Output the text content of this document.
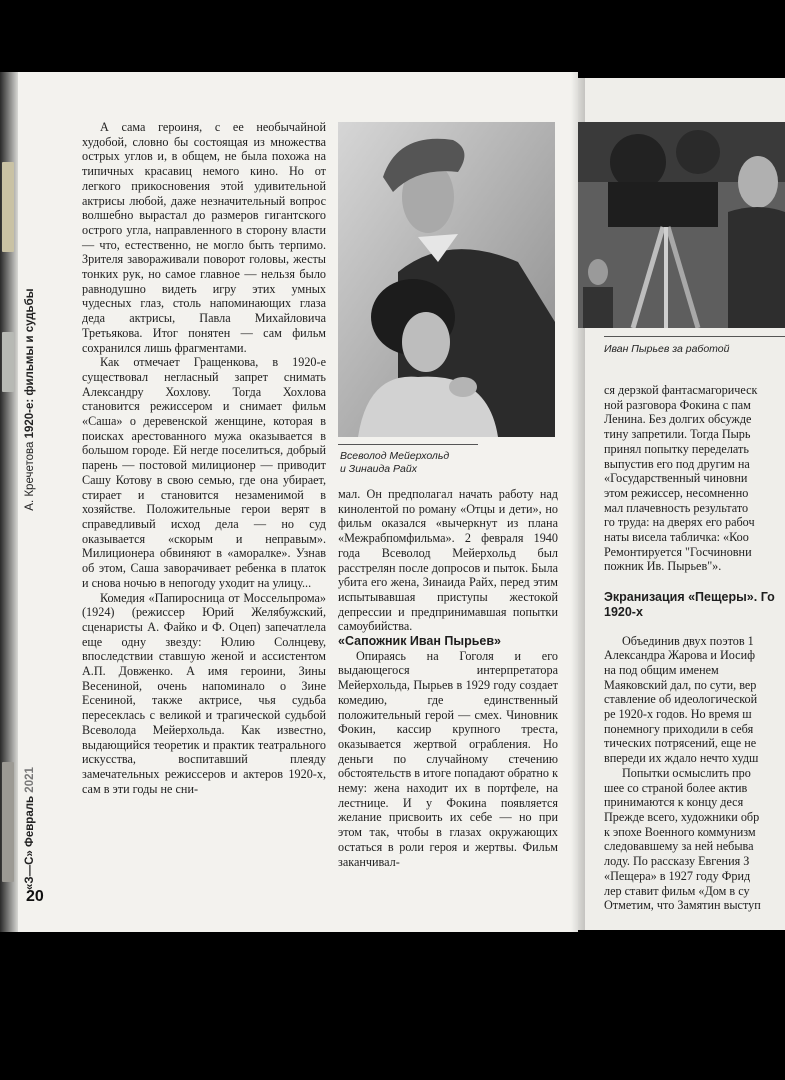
«З—С» Февраль 2021  А. Кречетова 1920-е: фильмы и судьбы
20

А сама героиня, с ее необычайной худобой, словно бы состоящая из множества острых углов и, в общем, не была похожа на типичных красавиц немого кино. Но от легкого прикосновения этой удивительной актрисы любой, даже незначительный вопрос волшебно вырастал до размеров гигантского острого угла, направленного в сторону власти — что, естественно, не могло быть терпимо. Зрителя завораживали поворот головы, жесты тонких рук, но самое главное — нельзя было равнодушно видеть игру этих умных чудесных глаз, столь напоминающих глаза деда актрисы, Павла Михайловича Третьякова. Итог понятен — сам фильм сохранился лишь фрагментами.

Как отмечает Гращенкова, в 1920-е существовал негласный запрет снимать Александру Хохлову. Тогда Хохлова становится режиссером и снимает фильм «Саша» о деревенской женщине, которая в поисках арестованного мужа оказывается в большом городе. Ей негде поселиться, добрый парень — постовой милиционер — приводит Сашу Котову в свою семью, где она убирает, стирает и становится незаменимой в хозяйстве. Положительные герои верят в справедливый исход дела — но суд оказывается «скорым и неправым». Милиционера обвиняют в «аморалке». Узнав об этом, Саша заворачивает ребенка в платок и снова ночью в непогоду уходит на улицу...

Комедия «Папиросница от Моссельпрома» (1924) (режиссер Юрий Желябужский, сценаристы А. Файко и Ф. Оцеп) запечатлела еще одну звезду: Юлию Солнцеву, впоследствии ставшую женой и ассистентом А.П. Довженко. А имя героини, Зины Весениной, очень напоминало о Зине Есениной, также актрисе, чья судьба пересеклась с великой и трагической судьбой Всеволода Мейерхольда. Как известно, выдающийся теоретик и практик театрального искусства, воспитавший плеяду замечательных режиссеров и актеров 1920-х, сам в эти годы не сни-

Всеволод Мейерхольд
и Зинаида Райх

мал. Он предполагал начать работу над кинолентой по роману «Отцы и дети», но фильм оказался «вычеркнут из плана «Межрабпомфильма». 2 февраля 1940 года Всеволод Мейерхольд был расстрелян после допросов и пыток. Была убита его жена, Зинаида Райх, перед этим испытывавшая приступы жестокой депрессии и предпринимавшая попытки самоубийства.

«Сапожник Иван Пырьев»

Опираясь на Гоголя и его выдающегося интерпретатора Мейерхольда, Пырьев в 1929 году создает комедию, где единственный положительный герой — смех. Чиновник Фокин, кассир крупного треста, оказывается жертвой ограбления. Но деньги по случайному стечению обстоятельств в итоге попадают обратно к нему: жена находит их в портфеле, на лестнице. И у Фокина появляется желание присвоить их себе — но при этом так, чтобы в глазах окружающих остаться в роли героя и жертвы. Фильм заканчивал-

Иван Пырьев за работой
ся дерзкой фантасмагорическ
ной разговора Фокина с пам
Ленина. Без долгих обсужде
тину запретили. Тогда Пырь
принял попытку переделать
выпустив его под другим на
«Государственный чиновни
этом режиссер, несомненно
мал плачевность результато
го труда: на дверях его рабоч
наты висела табличка: «Коо
Ремонтируется "Госчиновни
пожник Ив. Пырьев"».
Экранизация «Пещеры». Го
1920-х
Объединив двух поэтов 1
Александра Жарова и Иосиф
на под общим именем
Маяковский дал, по сути, вер
ставление об идеологической
ре 1920-х годов. Но время ш
понемногу приходили в себя
тических потрясений, еще не
впереди их ждало нечто худш
Попытки осмыслить про
шее со страной более актив
принимаются к концу деся
Прежде всего, художники обр
к эпохе Военного коммунизм
следовавшему за ней небыва
лоду. По рассказу Евгения З
«Пещера» в 1927 году Фрид
лер ставит фильм «Дом в су
Отметим, что Замятин выступ
